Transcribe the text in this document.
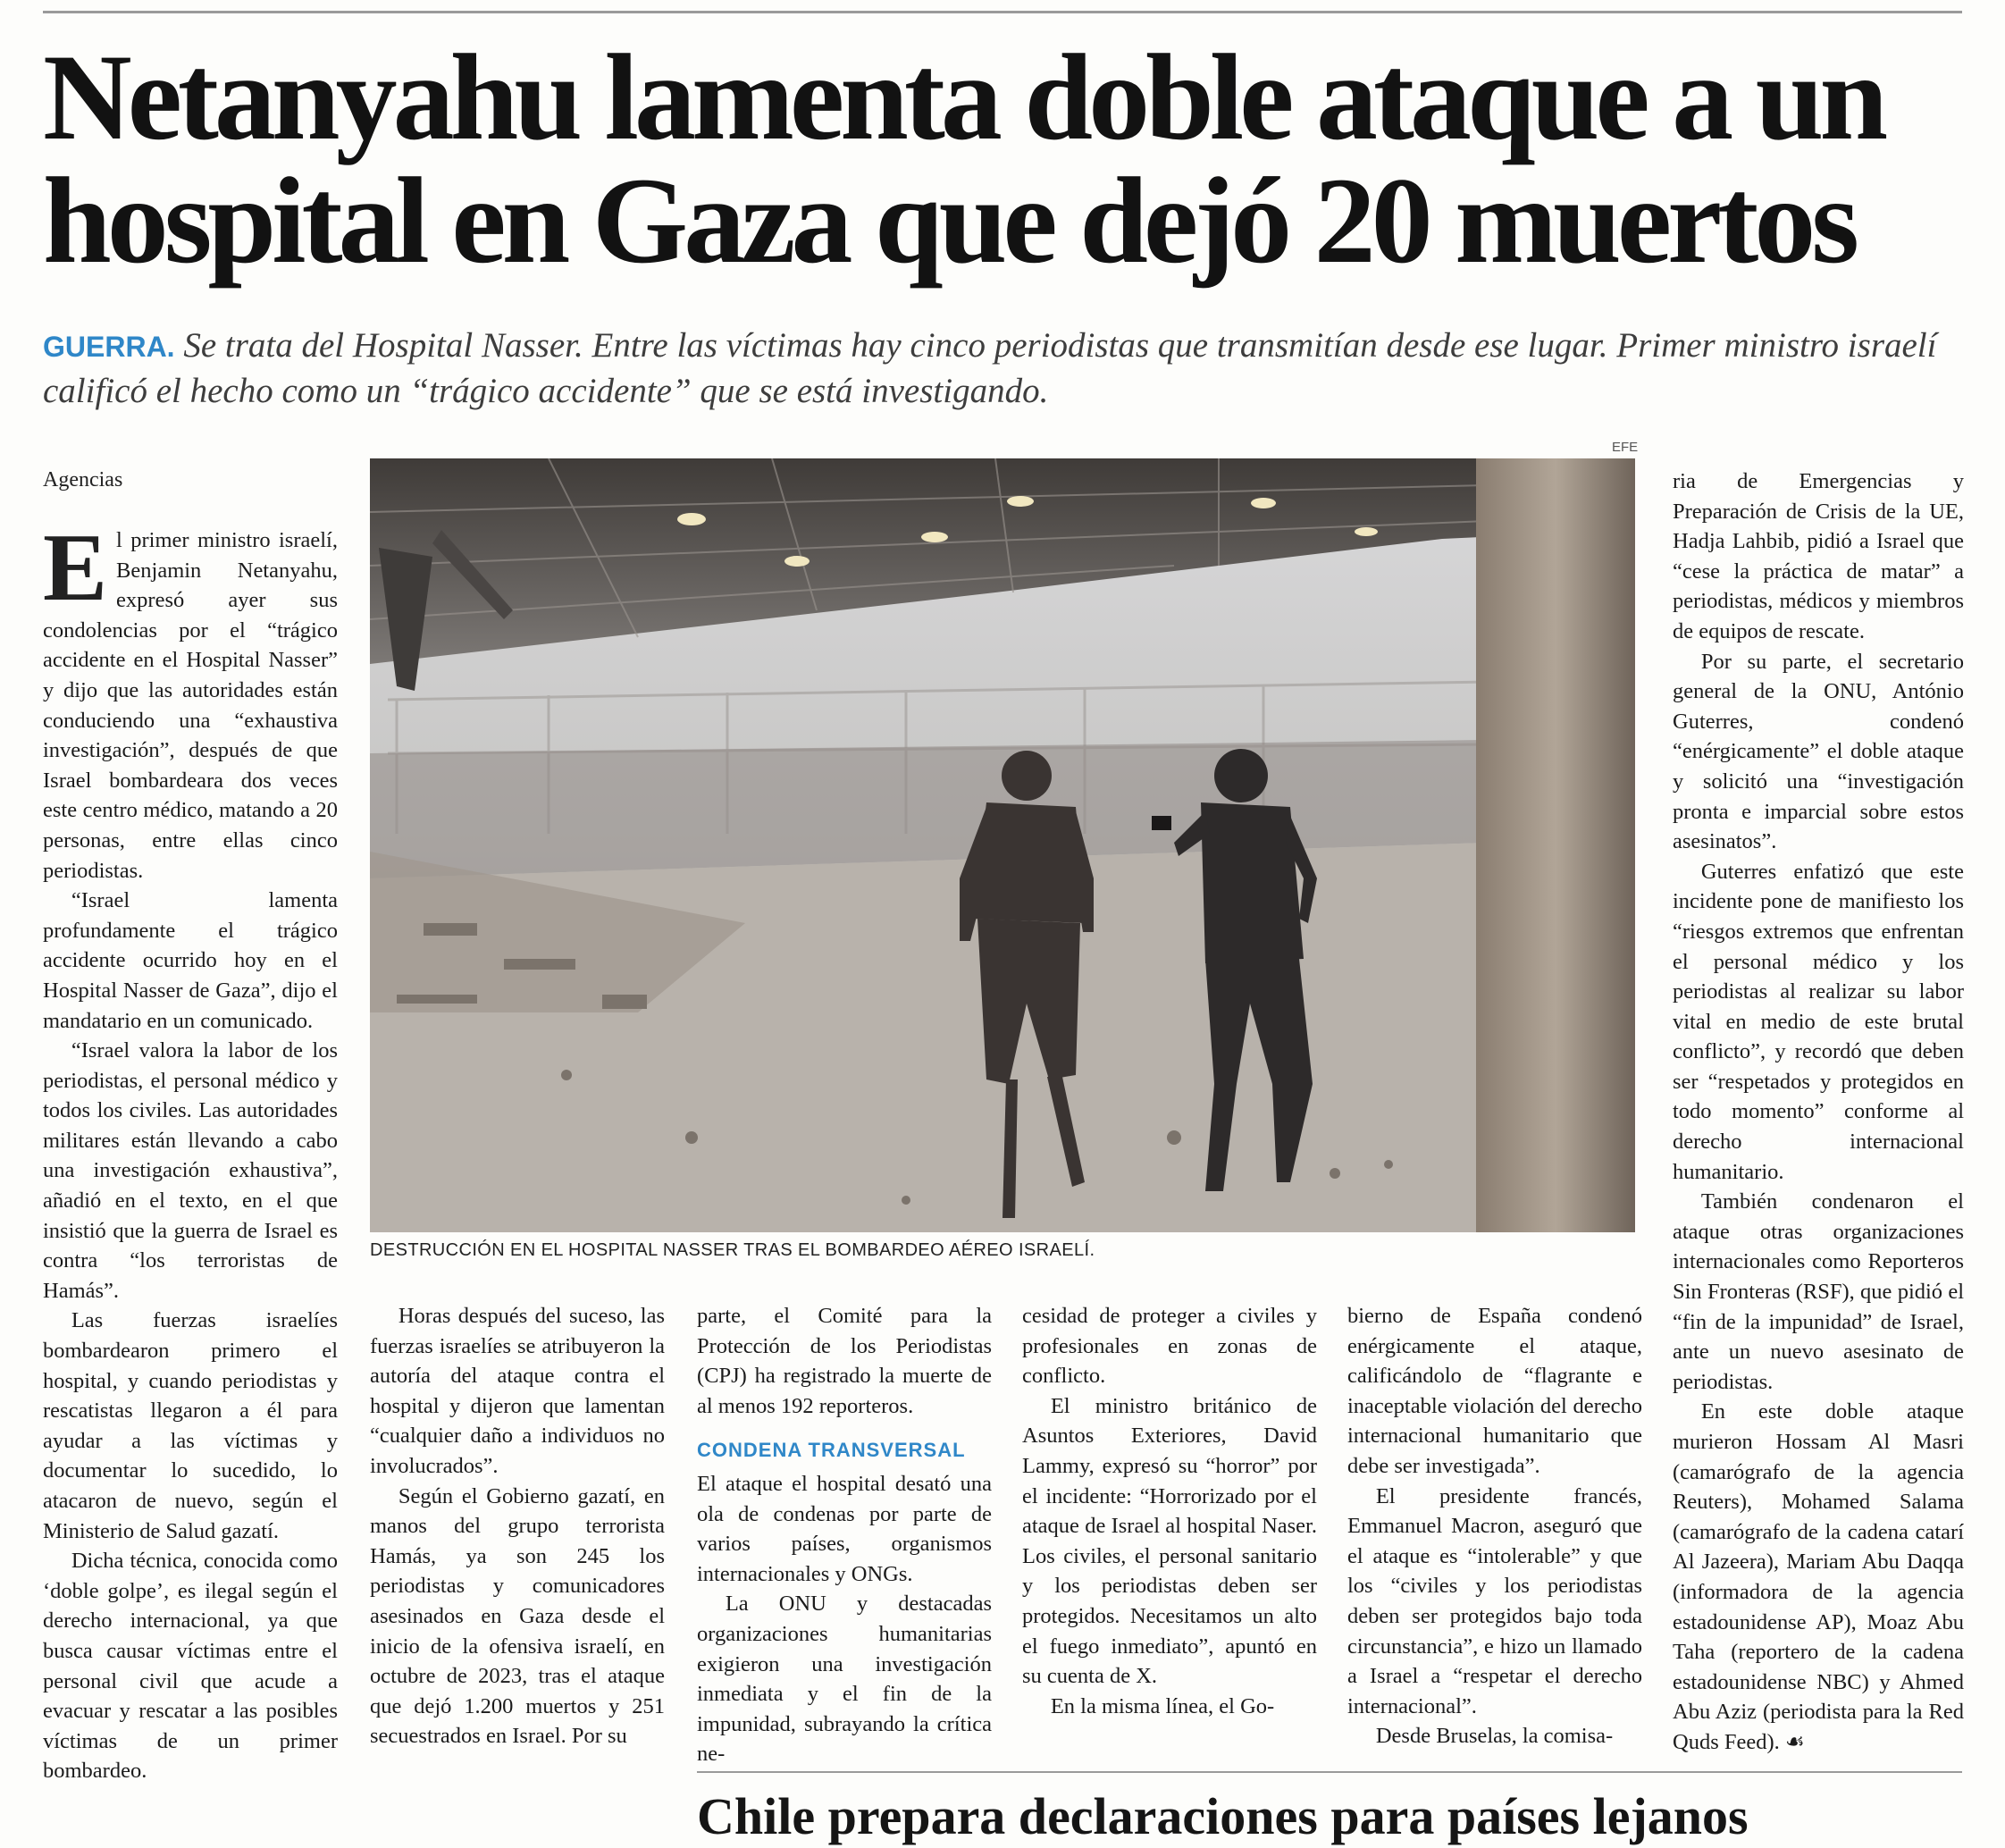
Netanyahu lamenta doble ataque a un hospital en Gaza que dejó 20 muertos

GUERRA. Se trata del Hospital Nasser. Entre las víctimas hay cinco periodistas que transmitían desde ese lugar. Primer ministro israelí calificó el hecho como un “trágico accidente” que se está investigando.

Agencias

El primer ministro israelí, Benjamin Netanyahu, expresó ayer sus condolencias por el “trágico accidente en el Hospital Nasser” y dijo que las autoridades están conduciendo una “exhaustiva investigación”, después de que Israel bombardeara dos veces este centro médico, matando a 20 personas, entre ellas cinco periodistas.

“Israel lamenta profundamente el trágico accidente ocurrido hoy en el Hospital Nasser de Gaza”, dijo el mandatario en un comunicado.

“Israel valora la labor de los periodistas, el personal médico y todos los civiles. Las autoridades militares están llevando a cabo una investigación exhaustiva”, añadió en el texto, en el que insistió que la guerra de Israel es contra “los terroristas de Hamás”.

Las fuerzas israelíes bombardearon primero el hospital, y cuando periodistas y rescatistas llegaron a él para ayudar a las víctimas y documentar lo sucedido, lo atacaron de nuevo, según el Ministerio de Salud gazatí.

Dicha técnica, conocida como ‘doble golpe’, es ilegal según el derecho internacional, ya que busca causar víctimas entre el personal civil que acude a evacuar y rescatar a las posibles víctimas de un primer bombardeo.

EFE
DESTRUCCIÓN EN EL HOSPITAL NASSER TRAS EL BOMBARDEO AÉREO ISRAELÍ.

Horas después del suceso, las fuerzas israelíes se atribuyeron la autoría del ataque contra el hospital y dijeron que lamentan “cualquier daño a individuos no involucrados”.

Según el Gobierno gazatí, en manos del grupo terrorista Hamás, ya son 245 los periodistas y comunicadores asesinados en Gaza desde el inicio de la ofensiva israelí, en octubre de 2023, tras el ataque que dejó 1.200 muertos y 251 secuestrados en Israel. Por su

parte, el Comité para la Protección de los Periodistas (CPJ) ha registrado la muerte de al menos 192 reporteros.

CONDENA TRANSVERSAL

El ataque el hospital desató una ola de condenas por parte de varios países, organismos internacionales y ONGs.

La ONU y destacadas organizaciones humanitarias exigieron una investigación inmediata y el fin de la impunidad, subrayando la crítica ne-

cesidad de proteger a civiles y profesionales en zonas de conflicto.

El ministro británico de Asuntos Exteriores, David Lammy, expresó su “horror” por el incidente: “Horrorizado por el ataque de Israel al hospital Naser. Los civiles, el personal sanitario y los periodistas deben ser protegidos. Necesitamos un alto el fuego inmediato”, apuntó en su cuenta de X.

En la misma línea, el Go-

bierno de España condenó enérgicamente el ataque, calificándolo de “flagrante e inaceptable violación del derecho internacional humanitario que debe ser investigada”.

El presidente francés, Emmanuel Macron, aseguró que el ataque es “intolerable” y que los “civiles y los periodistas deben ser protegidos bajo toda circunstancia”, e hizo un llamado a Israel a “respetar el derecho internacional”.

Desde Bruselas, la comisa-

ria de Emergencias y Preparación de Crisis de la UE, Hadja Lahbib, pidió a Israel que “cese la práctica de matar” a periodistas, médicos y miembros de equipos de rescate.

Por su parte, el secretario general de la ONU, António Guterres, condenó “enérgicamente” el doble ataque y solicitó una “investigación pronta e imparcial sobre estos asesinatos”.

Guterres enfatizó que este incidente pone de manifiesto los “riesgos extremos que enfrentan el personal médico y los periodistas al realizar su labor vital en medio de este brutal conflicto”, y recordó que deben ser “respetados y protegidos en todo momento” conforme al derecho internacional humanitario.

También condenaron el ataque otras organizaciones internacionales como Reporteros Sin Fronteras (RSF), que pidió el “fin de la impunidad” de Israel, ante un nuevo asesinato de periodistas.

En este doble ataque murieron Hossam Al Masri (camarógrafo de la agencia Reuters), Mohamed Salama (camarógrafo de la cadena catarí Al Jazeera), Mariam Abu Daqqa (informadora de la agencia estadounidense AP), Moaz Abu Taha (reportero de la cadena estadounidense NBC) y Ahmed Abu Aziz (periodista para la Red Quds Feed). ☙

Chile prepara declaraciones para países lejanos
